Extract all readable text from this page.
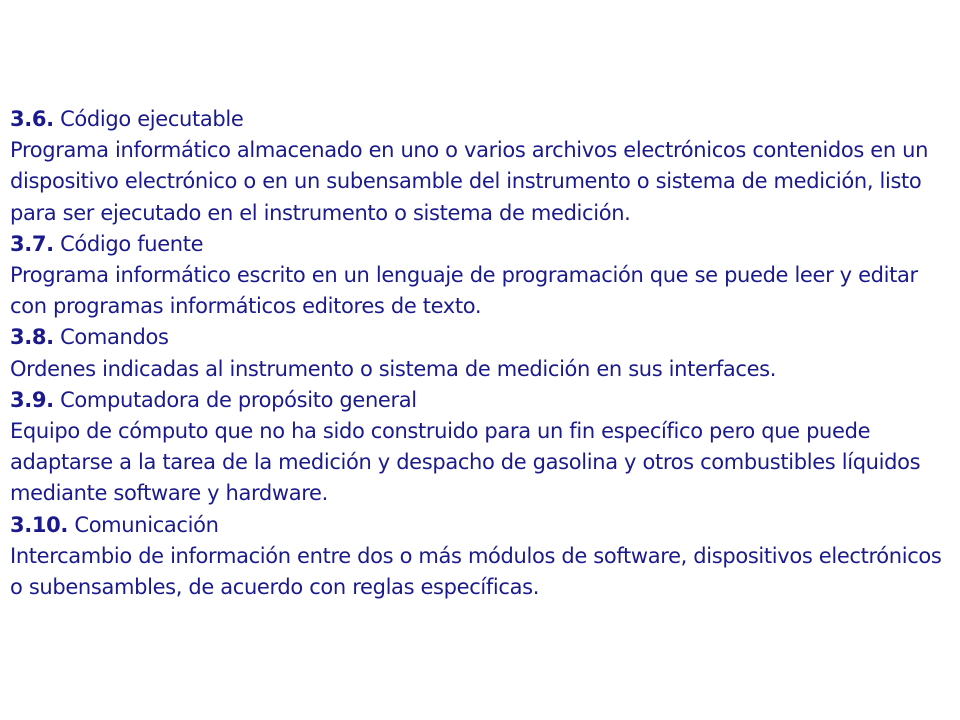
3.6. Código ejecutable

Programa informático almacenado en uno o varios archivos electrónicos contenidos en un dispositivo electrónico o en un subensamble del instrumento o sistema de medición, listo para ser ejecutado en el instrumento o sistema de medición.

3.7. Código fuente

Programa informático escrito en un lenguaje de programación que se puede leer y editar con programas informáticos editores de texto.

3.8. Comandos

Ordenes indicadas al instrumento o sistema de medición en sus interfaces.

3.9. Computadora de propósito general

Equipo de cómputo que no ha sido construido para un fin específico pero que puede adaptarse a la tarea de la medición y despacho de gasolina y otros combustibles líquidos mediante software y hardware.

3.10. Comunicación

Intercambio de información entre dos o más módulos de software, dispositivos electrónicos o subensambles, de acuerdo con reglas específicas.
